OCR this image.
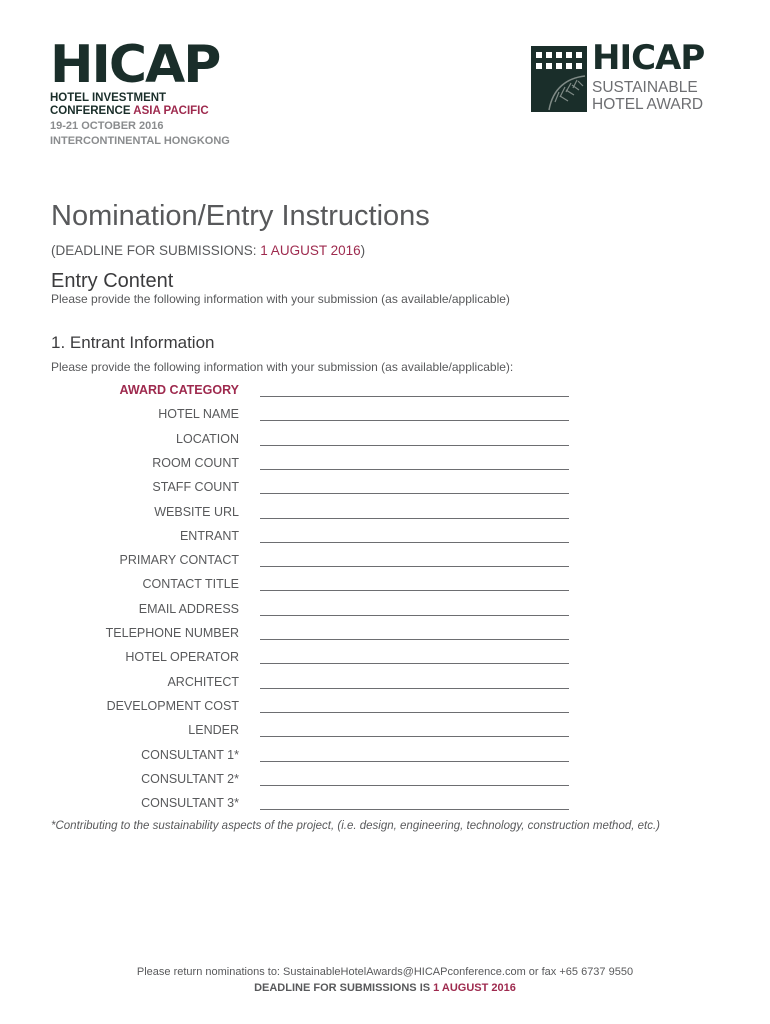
HICAP
HOTEL INVESTMENT
CONFERENCE ASIA PACIFIC
19-21 OCTOBER 2016
INTERCONTINENTAL HONGKONG
HICAP
SUSTAINABLE
HOTEL AWARD
Nomination/Entry Instructions
(DEADLINE FOR SUBMISSIONS: 1 AUGUST 2016)
Entry Content
Please provide the following information with your submission (as available/applicable)
1. Entrant Information
Please provide the following information with your submission (as available/applicable):
AWARD CATEGORY
HOTEL NAME
LOCATION
ROOM COUNT
STAFF COUNT
WEBSITE URL
ENTRANT
PRIMARY CONTACT
CONTACT TITLE
EMAIL ADDRESS
TELEPHONE NUMBER
HOTEL OPERATOR
ARCHITECT
DEVELOPMENT COST
LENDER
CONSULTANT 1*
CONSULTANT 2*
CONSULTANT 3*
*Contributing to the sustainability aspects of the project, (i.e. design, engineering, technology, construction method, etc.)
Please return nominations to: SustainableHotelAwards@HICAPconference.com or fax +65 6737 9550
DEADLINE FOR SUBMISSIONS IS 1 AUGUST 2016
